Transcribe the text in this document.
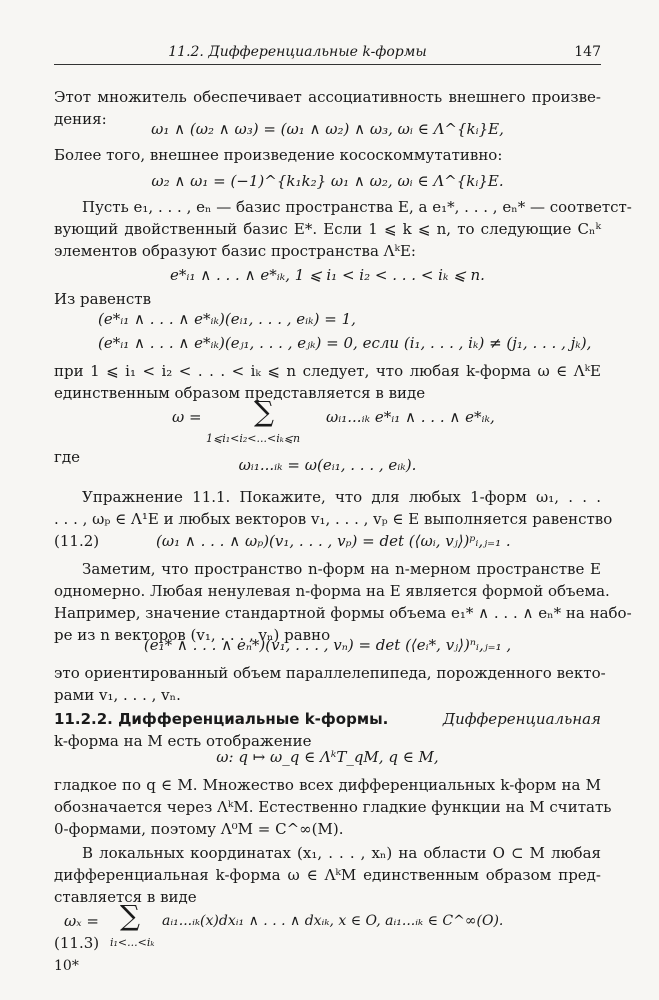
11.2. Дифференциальные k-формы	147
Этот множитель обеспечивает ассоциативность внешнего произве-
дения:
ω₁ ∧ (ω₂ ∧ ω₃) = (ω₁ ∧ ω₂) ∧ ω₃, ωᵢ ∈ Λ^{kᵢ}E,
Более того, внешнее произведение кососкоммутативно:
ω₂ ∧ ω₁ = (−1)^{k₁k₂} ω₁ ∧ ω₂, ωᵢ ∈ Λ^{kᵢ}E.
Пусть e₁, . . . , eₙ — базис пространства E, а e₁*, . . . , eₙ* — соответст-
вующий двойственный базис E*. Если 1 ⩽ k ⩽ n, то следующие Cₙᵏ
элементов образуют базис пространства ΛᵏE:
e*ᵢ₁ ∧ . . . ∧ e*ᵢₖ, 1 ⩽ i₁ < i₂ < . . . < iₖ ⩽ n.
Из равенств
(e*ᵢ₁ ∧ . . . ∧ e*ᵢₖ)(eᵢ₁, . . . , eᵢₖ) = 1,
(e*ᵢ₁ ∧ . . . ∧ e*ᵢₖ)(eⱼ₁, . . . , eⱼₖ) = 0, если (i₁, . . . , iₖ) ≠ (j₁, . . . , jₖ),
при 1 ⩽ i₁ < i₂ < . . . < iₖ ⩽ n следует, что любая k-форма ω ∈ ΛᵏE
единственным образом представляется в виде
ω =	∑	ωᵢ₁...ᵢₖ e*ᵢ₁ ∧ . . . ∧ e*ᵢₖ,
1⩽i₁<i₂<...<iₖ⩽n
где	ωᵢ₁...ᵢₖ = ω(eᵢ₁, . . . , eᵢₖ).
Упражнение 11.1. Покажите, что для любых 1-форм ω₁, . . .
. . . , ωₚ ∈ Λ¹E и любых векторов v₁, . . . , vₚ ∈ E выполняется равенство
(ω₁ ∧ . . . ∧ ωₚ)(v₁, . . . , vₚ) = det (⟨ωᵢ, vⱼ⟩)ᵖᵢ,ⱼ₌₁ .
(11.2)
Заметим, что пространство n-форм на n-мерном пространстве E
одномерно. Любая ненулевая n-форма на E является формой объема.
Например, значение стандартной формы объема e₁* ∧ . . . ∧ eₙ* на набо-
ре из n векторов (v₁, . . . , vₙ) равно
(e₁* ∧ . . . ∧ eₙ*)(v₁, . . . , vₙ) = det (⟨eᵢ*, vⱼ⟩)ⁿᵢ,ⱼ₌₁ ,
это ориентированный объем параллелепипеда, порожденного векто-
рами v₁, . . . , vₙ.
11.2.2. Дифференциальные k-формы.	Дифференциальная
k-форма на M есть отображение
ω: q ↦ ω_q ∈ ΛᵏT_qM, q ∈ M,
гладкое по q ∈ M. Множество всех дифференциальных k-форм на M
обозначается через ΛᵏM. Естественно гладкие функции на M считать
0-формами, поэтому Λ⁰M = C^∞(M).
В локальных координатах (x₁, . . . , xₙ) на области O ⊂ M любая
дифференциальная k-форма ω ∈ ΛᵏM единственным образом пред-
ставляется в виде
ωₓ = ∑	aᵢ₁...ᵢₖ(x)dxᵢ₁ ∧ . . . ∧ dxᵢₖ, x ∈ O, aᵢ₁...ᵢₖ ∈ C^∞(O).
i₁<...<iₖ
(11.3)
10*
